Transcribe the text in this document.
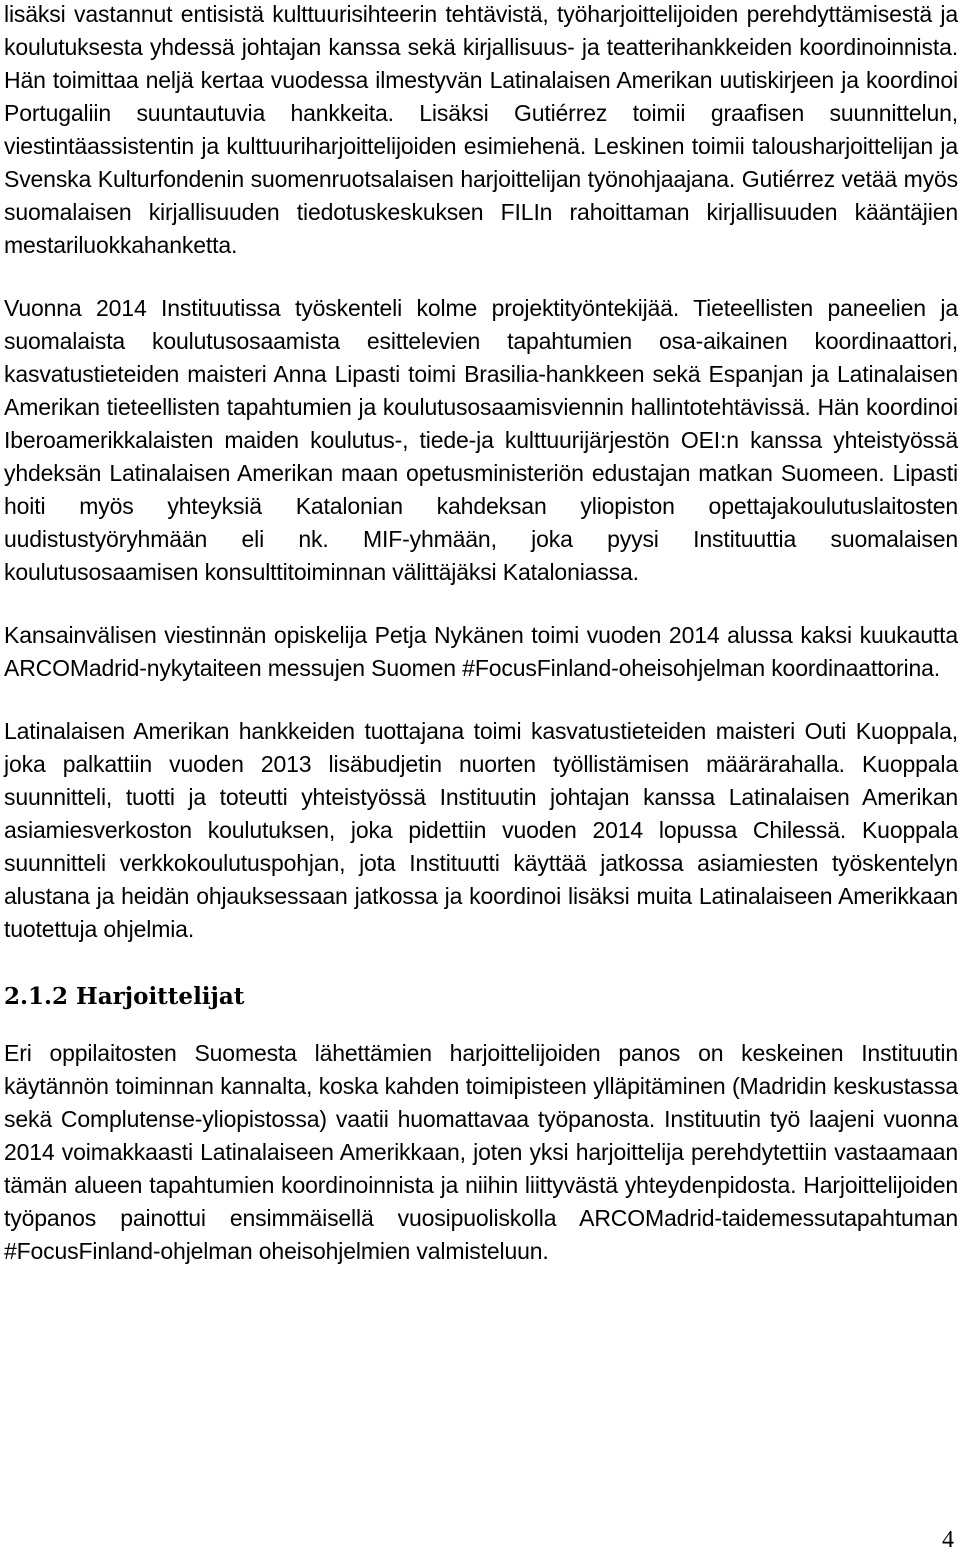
lisäksi vastannut entisistä kulttuurisihteerin tehtävistä, työharjoittelijoiden perehdyttämisestä ja koulutuksesta yhdessä johtajan kanssa sekä kirjallisuus- ja teatterihankkeiden koordinoinnista. Hän toimittaa neljä kertaa vuodessa ilmestyvän Latinalaisen Amerikan uutiskirjeen ja koordinoi Portugaliin suuntautuvia hankkeita. Lisäksi Gutiérrez toimii graafisen suunnittelun, viestintäassistentin ja kulttuuriharjoittelijoiden esimiehenä. Leskinen toimii talousharjoittelijan ja Svenska Kulturfondenin suomenruotsalaisen harjoittelijan työnohjaajana. Gutiérrez vetää myös suomalaisen kirjallisuuden tiedotuskeskuksen FILIn rahoittaman kirjallisuuden kääntäjien mestariluokkahanketta.

Vuonna 2014 Instituutissa työskenteli kolme projektityöntekijää. Tieteellisten paneelien ja suomalaista koulutusosaamista esittelevien tapahtumien osa-aikainen koordinaattori, kasvatustieteiden maisteri Anna Lipasti toimi Brasilia-hankkeen sekä Espanjan ja Latinalaisen Amerikan tieteellisten tapahtumien ja koulutusosaamisviennin hallintotehtävissä. Hän koordinoi Iberoamerikkalaisten maiden koulutus-, tiede-ja kulttuurijärjestön OEI:n kanssa yhteistyössä yhdeksän Latinalaisen Amerikan maan opetusministeriön edustajan matkan Suomeen. Lipasti hoiti myös yhteyksiä Katalonian kahdeksan yliopiston opettajakoulutuslaitosten uudistustyöryhmään eli nk. MIF-yhmään, joka pyysi Instituuttia suomalaisen koulutusosaamisen konsulttitoiminnan välittäjäksi Kataloniassa.

Kansainvälisen viestinnän opiskelija Petja Nykänen toimi vuoden 2014 alussa kaksi kuukautta ARCOMadrid-nykytaiteen messujen Suomen #FocusFinland-oheisohjelman koordinaattorina.

Latinalaisen Amerikan hankkeiden tuottajana toimi kasvatustieteiden maisteri Outi Kuoppala, joka palkattiin vuoden 2013 lisäbudjetin nuorten työllistämisen määrärahalla. Kuoppala suunnitteli, tuotti ja toteutti yhteistyössä Instituutin johtajan kanssa Latinalaisen Amerikan asiamiesverkoston koulutuksen, joka pidettiin vuoden 2014 lopussa Chilessä. Kuoppala suunnitteli verkkokoulutuspohjan, jota Instituutti käyttää jatkossa asiamiesten työskentelyn alustana ja heidän ohjauksessaan jatkossa ja koordinoi lisäksi muita Latinalaiseen Amerikkaan tuotettuja ohjelmia.

2.1.2 Harjoittelijat

Eri oppilaitosten Suomesta lähettämien harjoittelijoiden panos on keskeinen Instituutin käytännön toiminnan kannalta, koska kahden toimipisteen ylläpitäminen (Madridin keskustassa sekä Complutense-yliopistossa) vaatii huomattavaa työpanosta. Instituutin työ laajeni vuonna 2014 voimakkaasti Latinalaiseen Amerikkaan, joten yksi harjoittelija perehdytettiin vastaamaan tämän alueen tapahtumien koordinoinnista ja niihin liittyvästä yhteydenpidosta. Harjoittelijoiden työpanos painottui ensimmäisellä vuosipuoliskolla ARCOMadrid-taidemessutapahtuman #FocusFinland-ohjelman oheisohjelmien valmisteluun.

4
